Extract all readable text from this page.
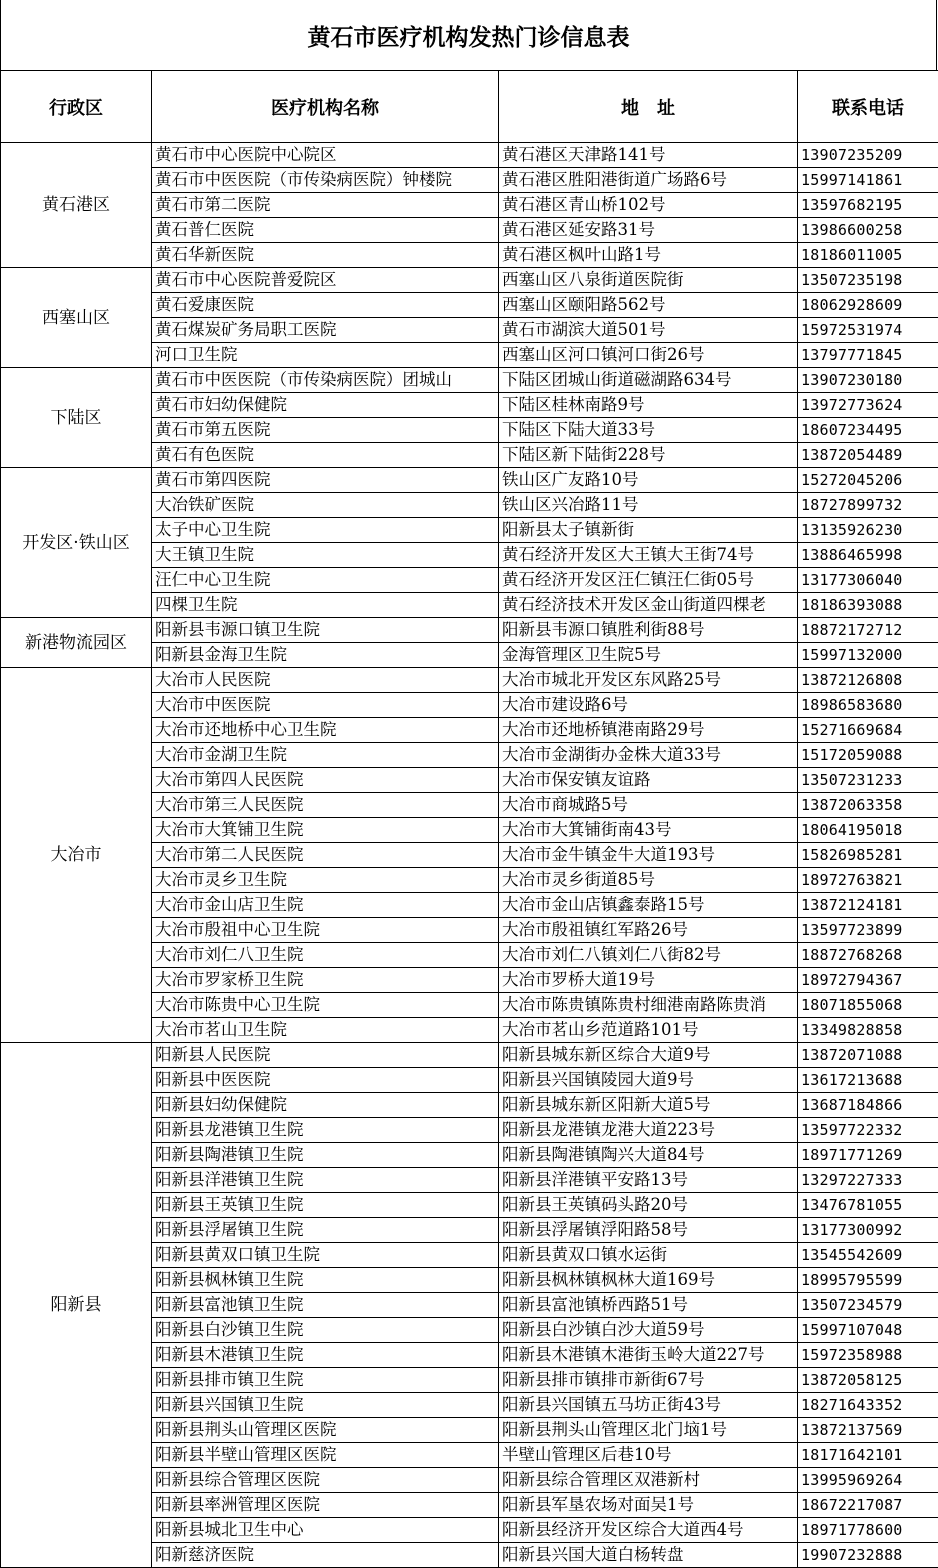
黄石市医疗机构发热门诊信息表
行政区	医疗机构名称	地　址	联系电话
黄石港区	黄石市中心医院中心院区	黄石港区天津路141号	13907235209
	黄石市中医医院（市传染病医院）钟楼院	黄石港区胜阳港街道广场路6号	15997141861
	黄石市第二医院	黄石港区青山桥102号	13597682195
	黄石普仁医院	黄石港区延安路31号	13986600258
	黄石华新医院	黄石港区枫叶山路1号	18186011005
西塞山区	黄石市中心医院普爱院区	西塞山区八泉街道医院街	13507235198
	黄石爱康医院	西塞山区颐阳路562号	18062928609
	黄石煤炭矿务局职工医院	黄石市湖滨大道501号	15972531974
	河口卫生院	西塞山区河口镇河口街26号	13797771845
下陆区	黄石市中医医院（市传染病医院）团城山	下陆区团城山街道磁湖路634号	13907230180
	黄石市妇幼保健院	下陆区桂林南路9号	13972773624
	黄石市第五医院	下陆区下陆大道33号	18607234495
	黄石有色医院	下陆区新下陆街228号	13872054489
开发区·铁山区	黄石市第四医院	铁山区广友路10号	15272045206
	大冶铁矿医院	铁山区兴冶路11号	18727899732
	太子中心卫生院	阳新县太子镇新街	13135926230
	大王镇卫生院	黄石经济开发区大王镇大王街74号	13886465998
	汪仁中心卫生院	黄石经济开发区汪仁镇汪仁街05号	13177306040
	四棵卫生院	黄石经济技术开发区金山街道四棵老	18186393088
新港物流园区	阳新县韦源口镇卫生院	阳新县韦源口镇胜利街88号	18872172712
	阳新县金海卫生院	金海管理区卫生院5号	15997132000
大冶市	大冶市人民医院	大冶市城北开发区东风路25号	13872126808
	大冶市中医医院	大冶市建设路6号	18986583680
	大冶市还地桥中心卫生院	大冶市还地桥镇港南路29号	15271669684
	大冶市金湖卫生院	大冶市金湖街办金株大道33号	15172059088
	大冶市第四人民医院	大冶市保安镇友谊路	13507231233
	大冶市第三人民医院	大冶市商城路5号	13872063358
	大冶市大箕铺卫生院	大冶市大箕铺街南43号	18064195018
	大冶市第二人民医院	大冶市金牛镇金牛大道193号	15826985281
	大冶市灵乡卫生院	大冶市灵乡街道85号	18972763821
	大冶市金山店卫生院	大冶市金山店镇鑫泰路15号	13872124181
	大冶市殷祖中心卫生院	大冶市殷祖镇红军路26号	13597723899
	大冶市刘仁八卫生院	大冶市刘仁八镇刘仁八街82号	18872768268
	大冶市罗家桥卫生院	大冶市罗桥大道19号	18972794367
	大冶市陈贵中心卫生院	大冶市陈贵镇陈贵村细港南路陈贵消	18071855068
	大冶市茗山卫生院	大冶市茗山乡范道路101号	13349828858
阳新县	阳新县人民医院	阳新县城东新区综合大道9号	13872071088
	阳新县中医医院	阳新县兴国镇陵园大道9号	13617213688
	阳新县妇幼保健院	阳新县城东新区阳新大道5号	13687184866
	阳新县龙港镇卫生院	阳新县龙港镇龙港大道223号	13597722332
	阳新县陶港镇卫生院	阳新县陶港镇陶兴大道84号	18971771269
	阳新县洋港镇卫生院	阳新县洋港镇平安路13号	13297227333
	阳新县王英镇卫生院	阳新县王英镇码头路20号	13476781055
	阳新县浮屠镇卫生院	阳新县浮屠镇浮阳路58号	13177300992
	阳新县黄双口镇卫生院	阳新县黄双口镇水运街	13545542609
	阳新县枫林镇卫生院	阳新县枫林镇枫林大道169号	18995795599
	阳新县富池镇卫生院	阳新县富池镇桥西路51号	13507234579
	阳新县白沙镇卫生院	阳新县白沙镇白沙大道59号	15997107048
	阳新县木港镇卫生院	阳新县木港镇木港街玉岭大道227号	15972358988
	阳新县排市镇卫生院	阳新县排市镇排市新街67号	13872058125
	阳新县兴国镇卫生院	阳新县兴国镇五马坊正街43号	18271643352
	阳新县荆头山管理区医院	阳新县荆头山管理区北门垴1号	13872137569
	阳新县半壁山管理区医院	半壁山管理区后巷10号	18171642101
	阳新县综合管理区医院	阳新县综合管理区双港新村	13995969264
	阳新县率洲管理区医院	阳新县军垦农场对面吴1号	18672217087
	阳新县城北卫生中心	阳新县经济开发区综合大道西4号	18971778600
	阳新慈济医院	阳新县兴国大道白杨转盘	19907232888
